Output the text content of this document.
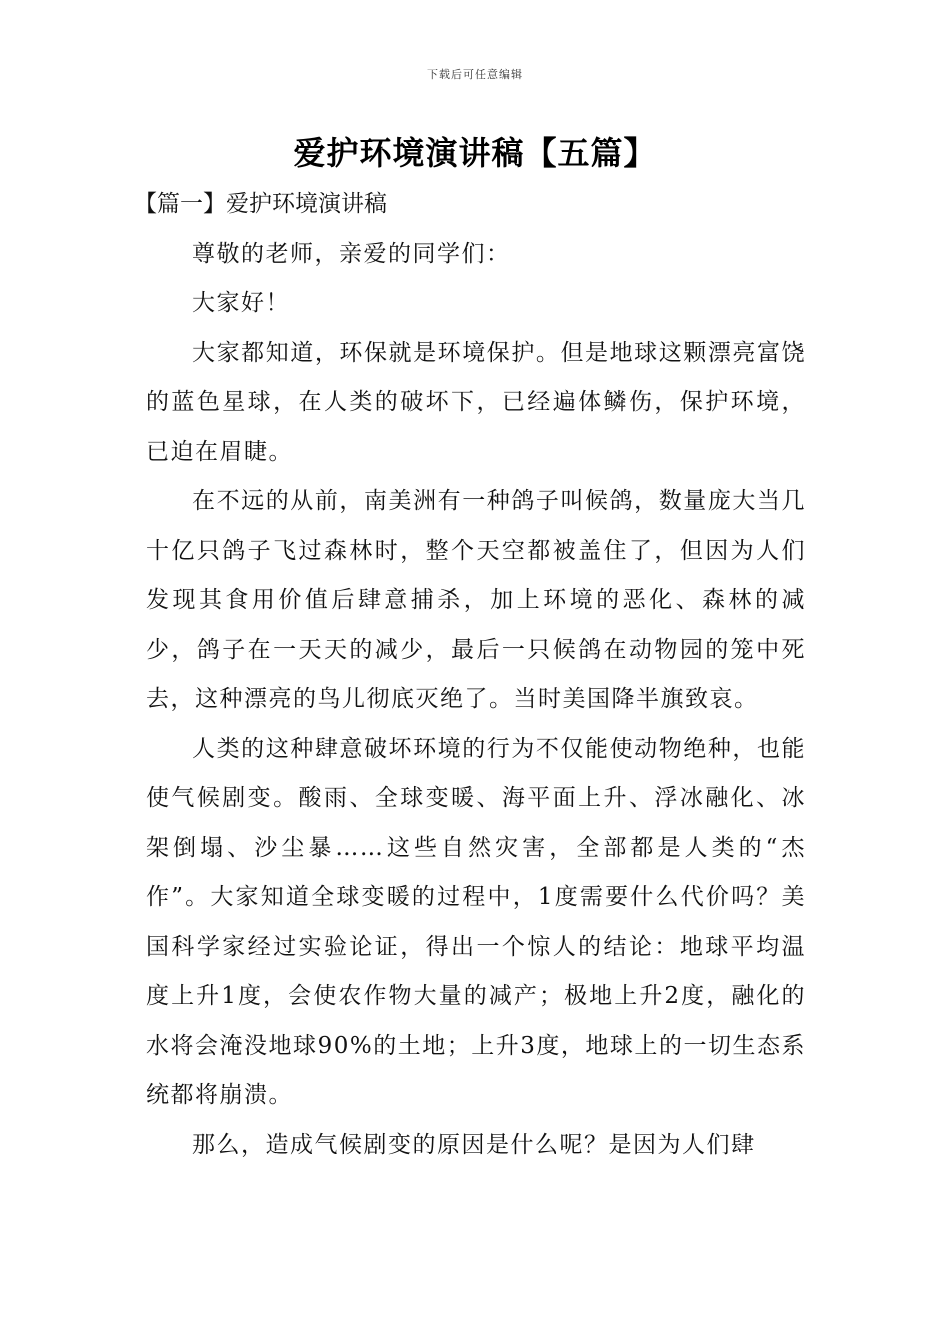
下载后可任意编辑
爱护环境演讲稿【五篇】
【篇一】爱护环境演讲稿

尊敬的老师，亲爱的同学们：

大家好！

大家都知道，环保就是环境保护。但是地球这颗漂亮富饶的蓝色星球，在人类的破坏下，已经遍体鳞伤，保护环境，已迫在眉睫。

在不远的从前，南美洲有一种鸽子叫候鸽，数量庞大当几十亿只鸽子飞过森林时，整个天空都被盖住了，但因为人们发现其食用价值后肆意捕杀，加上环境的恶化、森林的减少，鸽子在一天天的减少，最后一只候鸽在动物园的笼中死去，这种漂亮的鸟儿彻底灭绝了。当时美国降半旗致哀。

人类的这种肆意破坏环境的行为不仅能使动物绝种，也能使气候剧变。酸雨、全球变暖、海平面上升、浮冰融化、冰架倒塌、沙尘暴……这些自然灾害，全部都是人类的“杰作”。大家知道全球变暖的过程中，1度需要什么代价吗？美国科学家经过实验论证，得出一个惊人的结论：地球平均温度上升1度，会使农作物大量的减产；极地上升2度，融化的水将会淹没地球90%的土地；上升3度，地球上的一切生态系统都将崩溃。

那么，造成气候剧变的原因是什么呢？是因为人们肆
